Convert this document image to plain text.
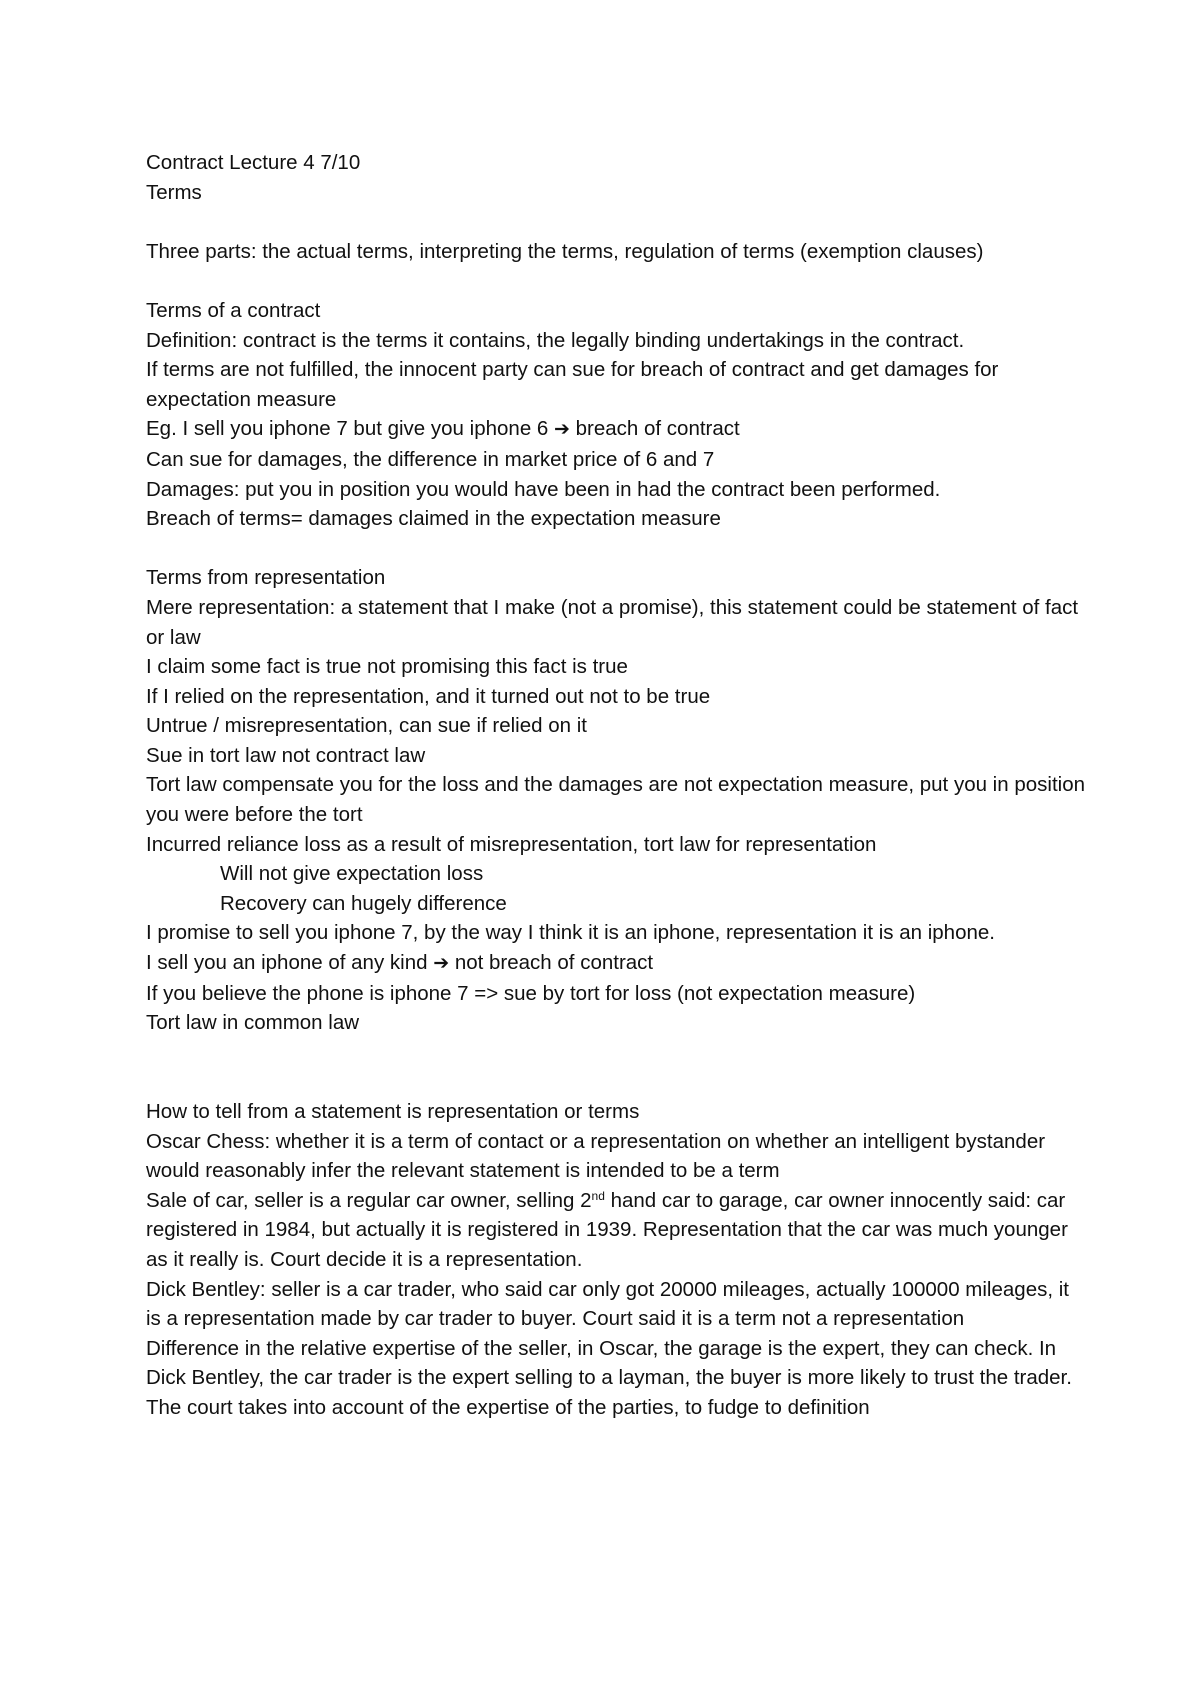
Contract Lecture 4 7/10

Terms

Three parts: the actual terms, interpreting the terms, regulation of terms (exemption clauses)

Terms of a contract

Definition: contract is the terms it contains, the legally binding undertakings in the contract.

If terms are not fulfilled, the innocent party can sue for breach of contract and get damages for expectation measure

Eg. I sell you iphone 7 but give you iphone 6 ➔ breach of contract

Can sue for damages, the difference in market price of 6 and 7

Damages: put you in position you would have been in had the contract been performed.

Breach of terms= damages claimed in the expectation measure

Terms from representation

Mere representation: a statement that I make (not a promise), this statement could be statement of fact or law

I claim some fact is true not promising this fact is true

If I relied on the representation, and it turned out not to be true

Untrue / misrepresentation, can sue if relied on it

Sue in tort law not contract law

Tort law compensate you for the loss and the damages are not expectation measure, put you in position you were before the tort

Incurred reliance loss as a result of misrepresentation, tort law for representation

Will not give expectation loss

Recovery can hugely difference

I promise to sell you iphone 7, by the way I think it is an iphone, representation it is an iphone.

I sell you an iphone of any kind ➔ not breach of contract

If you believe the phone is iphone 7 => sue by tort for loss (not expectation measure)

Tort law in common law

How to tell from a statement is representation or terms

Oscar Chess: whether it is a term of contact or a representation on whether an intelligent bystander would reasonably infer the relevant statement is intended to be a term

Sale of car, seller is a regular car owner, selling 2nd hand car to garage, car owner innocently said: car registered in 1984, but actually it is registered in 1939. Representation that the car was much younger as it really is. Court decide it is a representation.

Dick Bentley: seller is a car trader, who said car only got 20000 mileages, actually 100000 mileages, it is a representation made by car trader to buyer. Court said it is a term not a representation

Difference in the relative expertise of the seller, in Oscar, the garage is the expert, they can check. In Dick Bentley, the car trader is the expert selling to a layman, the buyer is more likely to trust the trader. The court takes into account of the expertise of the parties, to fudge to definition
